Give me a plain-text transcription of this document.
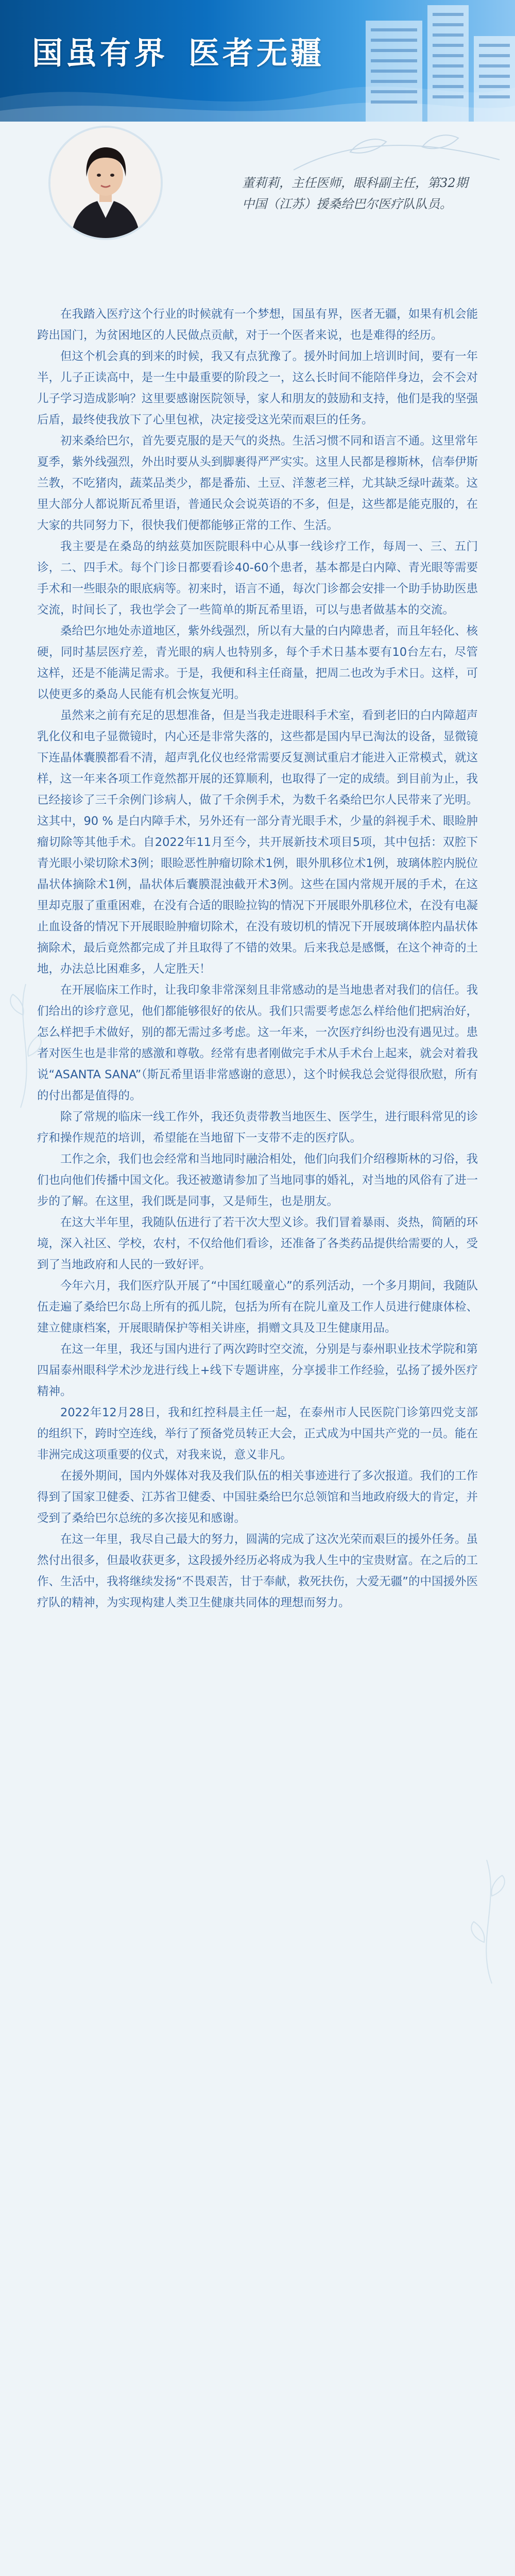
国虽有界 医者无疆
董莉莉，主任医师，眼科副主任，第32期中国（江苏）援桑给巴尔医疗队队员。

在我踏入医疗这个行业的时候就有一个梦想，国虽有界，医者无疆，如果有机会能跨出国门，为贫困地区的人民做点贡献，对于一个医者来说，也是难得的经历。

但这个机会真的到来的时候，我又有点犹豫了。援外时间加上培训时间，要有一年半，儿子正读高中，是一生中最重要的阶段之一，这么长时间不能陪伴身边，会不会对儿子学习造成影响？这里要感谢医院领导，家人和朋友的鼓励和支持，他们是我的坚强后盾，最终使我放下了心里包袱，决定接受这光荣而艰巨的任务。

初来桑给巴尔，首先要克服的是天气的炎热。生活习惯不同和语言不通。这里常年夏季，紫外线强烈，外出时要从头到脚裹得严严实实。这里人民都是穆斯林，信奉伊斯兰教，不吃猪肉，蔬菜品类少，都是番茄、土豆、洋葱老三样，尤其缺乏绿叶蔬菜。这里大部分人都说斯瓦希里语，普通民众会说英语的不多，但是，这些都是能克服的，在大家的共同努力下，很快我们便都能够正常的工作、生活。

我主要是在桑岛的纳兹莫加医院眼科中心从事一线诊疗工作，每周一、三、五门诊，二、四手术。每个门诊日都要看诊40-60个患者，基本都是白内障、青光眼等需要手术和一些眼杂的眼底病等。初来时，语言不通，每次门诊都会安排一个助手协助医患交流，时间长了，我也学会了一些简单的斯瓦希里语，可以与患者做基本的交流。

桑给巴尔地处赤道地区，紫外线强烈，所以有大量的白内障患者，而且年轻化、核硬，同时基层医疗差，青光眼的病人也特别多，每个手术日基本要有10台左右，尽管这样，还是不能满足需求。于是，我便和科主任商量，把周二也改为手术日。这样，可以使更多的桑岛人民能有机会恢复光明。

虽然来之前有充足的思想准备，但是当我走进眼科手术室，看到老旧的白内障超声乳化仪和电子显微镜时，内心还是非常失落的，这些都是国内早已淘汰的设备，显微镜下连晶体囊膜都看不清，超声乳化仪也经常需要反复测试重启才能进入正常模式，就这样，这一年来各项工作竟然都开展的还算顺利，也取得了一定的成绩。到目前为止，我已经接诊了三千余例门诊病人，做了千余例手术，为数千名桑给巴尔人民带来了光明。这其中，90 % 是白内障手术，另外还有一部分青光眼手术，少量的斜视手术、眼睑肿瘤切除等其他手术。自2022年11月至今，共开展新技术项目5项，其中包括：双腔下青光眼小梁切除术3例；眼睑恶性肿瘤切除术1例，眼外肌移位术1例，玻璃体腔内脱位晶状体摘除术1例，晶状体后囊膜混浊截开术3例。这些在国内常规开展的手术，在这里却克服了重重困难，在没有合适的眼睑拉钩的情况下开展眼外肌移位术，在没有电凝止血设备的情况下开展眼睑肿瘤切除术，在没有玻切机的情况下开展玻璃体腔内晶状体摘除术，最后竟然都完成了并且取得了不错的效果。后来我总是感慨，在这个神奇的土地，办法总比困难多，人定胜天！

在开展临床工作时，让我印象非常深刻且非常感动的是当地患者对我们的信任。我们给出的诊疗意见，他们都能够很好的依从。我们只需要考虑怎么样给他们把病治好，怎么样把手术做好，别的都无需过多考虑。这一年来，一次医疗纠纷也没有遇见过。患者对医生也是非常的感激和尊敬。经常有患者刚做完手术从手术台上起来，就会对着我说“ASANTA SANA”（斯瓦希里语非常感谢的意思），这个时候我总会觉得很欣慰，所有的付出都是值得的。

除了常规的临床一线工作外，我还负责带教当地医生、医学生，进行眼科常见的诊疗和操作规范的培训，希望能在当地留下一支带不走的医疗队。

工作之余，我们也会经常和当地同时融洽相处，他们向我们介绍穆斯林的习俗，我们也向他们传播中国文化。我还被邀请参加了当地同事的婚礼，对当地的风俗有了进一步的了解。在这里，我们既是同事，又是师生，也是朋友。

在这大半年里，我随队伍进行了若干次大型义诊。我们冒着暴雨、炎热，简陋的环境，深入社区、学校，农村，不仅给他们看诊，还准备了各类药品提供给需要的人，受到了当地政府和人民的一致好评。

今年六月，我们医疗队开展了“中国红暖童心”的系列活动，一个多月期间，我随队伍走遍了桑给巴尔岛上所有的孤儿院，包括为所有在院儿童及工作人员进行健康体检、建立健康档案，开展眼睛保护等相关讲座，捐赠文具及卫生健康用品。

在这一年里，我还与国内进行了两次跨时空交流，分别是与泰州职业技术学院和第四届泰州眼科学术沙龙进行线上+线下专题讲座，分享援非工作经验，弘扬了援外医疗精神。

2022年12月28日，我和红控科晨主任一起，在泰州市人民医院门诊第四党支部的组织下，跨时空连线，举行了预备党员转正大会，正式成为中国共产党的一员。能在非洲完成这项重要的仪式，对我来说，意义非凡。

在援外期间，国内外媒体对我及我们队伍的相关事迹进行了多次报道。我们的工作得到了国家卫健委、江苏省卫健委、中国驻桑给巴尔总领馆和当地政府级大的肯定，并受到了桑给巴尔总统的多次接见和感谢。

在这一年里，我尽自己最大的努力，圆满的完成了这次光荣而艰巨的援外任务。虽然付出很多，但最收获更多，这段援外经历必将成为我人生中的宝贵财富。在之后的工作、生活中，我将继续发扬“不畏艰苦，甘于奉献，救死扶伤，大爱无疆”的中国援外医疗队的精神，为实现构建人类卫生健康共同体的理想而努力。
